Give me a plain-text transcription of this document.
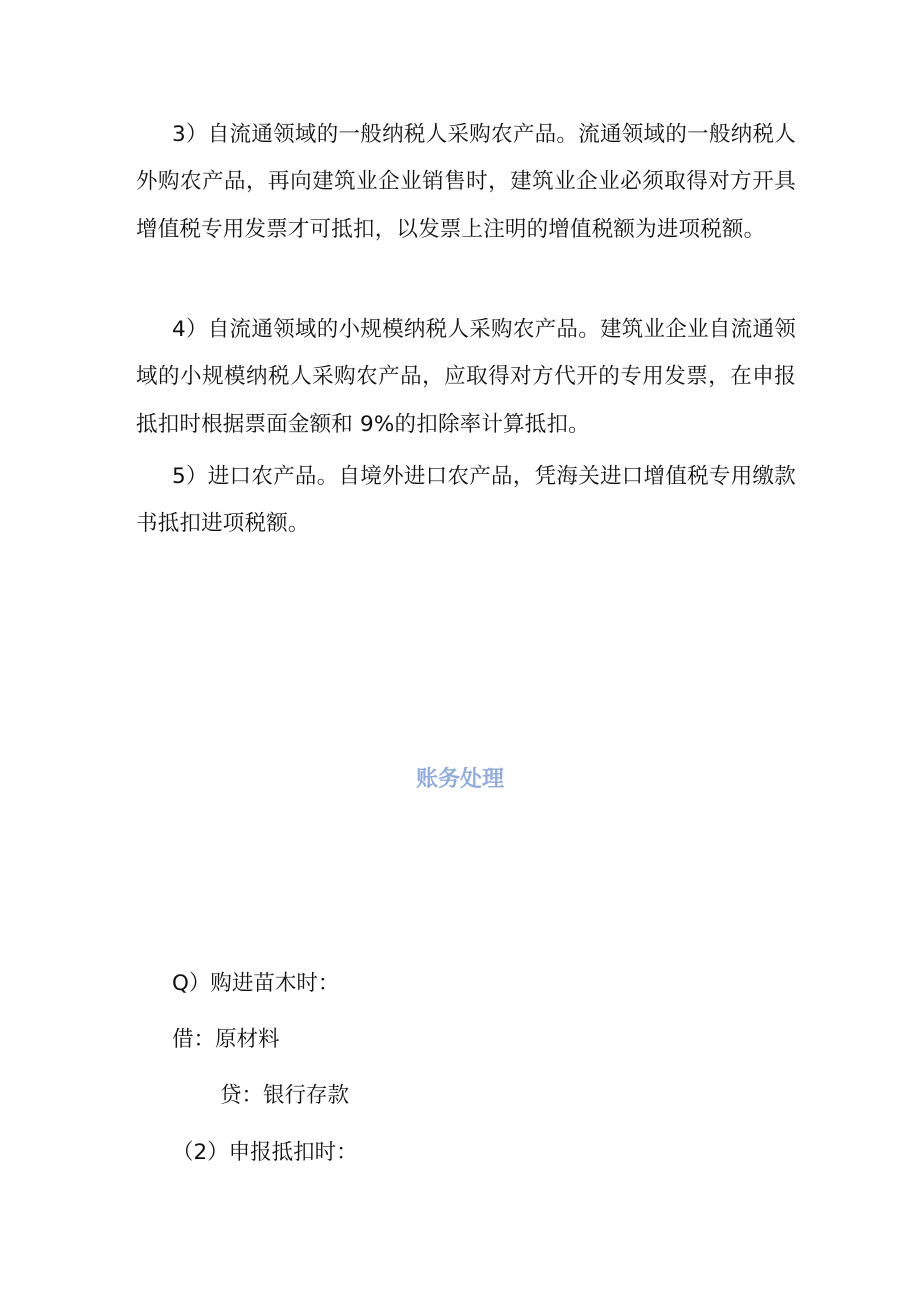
3）自流通领域的一般纳税人采购农产品。流通领域的一般纳税人外购农产品，再向建筑业企业销售时，建筑业企业必须取得对方开具增值税专用发票才可抵扣，以发票上注明的增值税额为进项税额。

4）自流通领域的小规模纳税人采购农产品。建筑业企业自流通领域的小规模纳税人采购农产品，应取得对方代开的专用发票，在申报抵扣时根据票面金额和 9%的扣除率计算抵扣。

5）进口农产品。自境外进口农产品，凭海关进口增值税专用缴款书抵扣进项税额。

账务处理

Q）购进苗木时：

借：原材料

贷：银行存款

（2）申报抵扣时：
